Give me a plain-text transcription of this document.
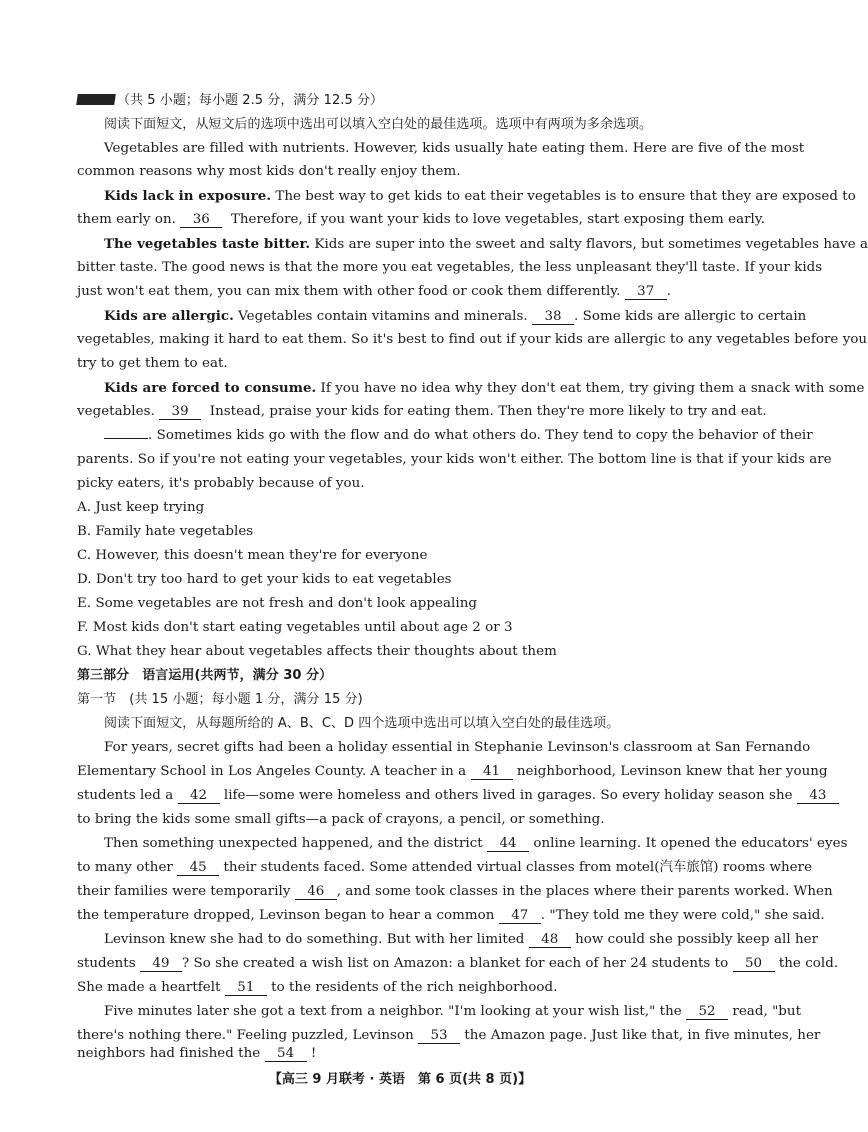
（共 5 小题；每小题 2.5 分，满分 12.5 分）
阅读下面短文，从短文后的选项中选出可以填入空白处的最佳选项。选项中有两项为多余选项。
Vegetables are filled with nutrients. However, kids usually hate eating them. Here are five of the most
common reasons why most kids don't really enjoy them.
Kids lack in exposure. The best way to get kids to eat their vegetables is to ensure that they are exposed to
them early on. 36 Therefore, if you want your kids to love vegetables, start exposing them early.
The vegetables taste bitter. Kids are super into the sweet and salty flavors, but sometimes vegetables have a
bitter taste. The good news is that the more you eat vegetables, the less unpleasant they'll taste. If your kids
just won't eat them, you can mix them with other food or cook them differently. 37 .
Kids are allergic. Vegetables contain vitamins and minerals. 38 . Some kids are allergic to certain
vegetables, making it hard to eat them. So it's best to find out if your kids are allergic to any vegetables before you
try to get them to eat.
Kids are forced to consume. If you have no idea why they don't eat them, try giving them a snack with some
vegetables. 39 Instead, praise your kids for eating them. Then they're more likely to try and eat.
. Sometimes kids go with the flow and do what others do. They tend to copy the behavior of their
parents. So if you're not eating your vegetables, your kids won't either. The bottom line is that if your kids are
picky eaters, it's probably because of you.
A. Just keep trying
B. Family hate vegetables
C. However, this doesn't mean they're for everyone
D. Don't try too hard to get your kids to eat vegetables
E. Some vegetables are not fresh and don't look appealing
F. Most kids don't start eating vegetables until about age 2 or 3
G. What they hear about vegetables affects their thoughts about them
第三部分　语言运用(共两节，满分 30 分）
第一节　(共 15 小题；每小题 1 分，满分 15 分)
阅读下面短文，从每题所给的 A、B、C、D 四个选项中选出可以填入空白处的最佳选项。
For years, secret gifts had been a holiday essential in Stephanie Levinson's classroom at San Fernando
Elementary School in Los Angeles County. A teacher in a 41 neighborhood, Levinson knew that her young
students led a 42 life—some were homeless and others lived in garages. So every holiday season she 43
to bring the kids some small gifts—a pack of crayons, a pencil, or something.
Then something unexpected happened, and the district 44 online learning. It opened the educators' eyes
to many other 45 their students faced. Some attended virtual classes from motel(汽车旅馆) rooms where
their families were temporarily 46 , and some took classes in the places where their parents worked. When
the temperature dropped, Levinson began to hear a common 47 . "They told me they were cold," she said.
Levinson knew she had to do something. But with her limited 48 how could she possibly keep all her
students 49 ? So she created a wish list on Amazon: a blanket for each of her 24 students to 50 the cold.
She made a heartfelt 51 to the residents of the rich neighborhood.
Five minutes later she got a text from a neighbor. "I'm looking at your wish list," the 52 read, "but
there's nothing there." Feeling puzzled, Levinson 53 the Amazon page. Just like that, in five minutes, her
neighbors had finished the 54 !
【高三 9 月联考 · 英语　第 6 页(共 8 页)】
